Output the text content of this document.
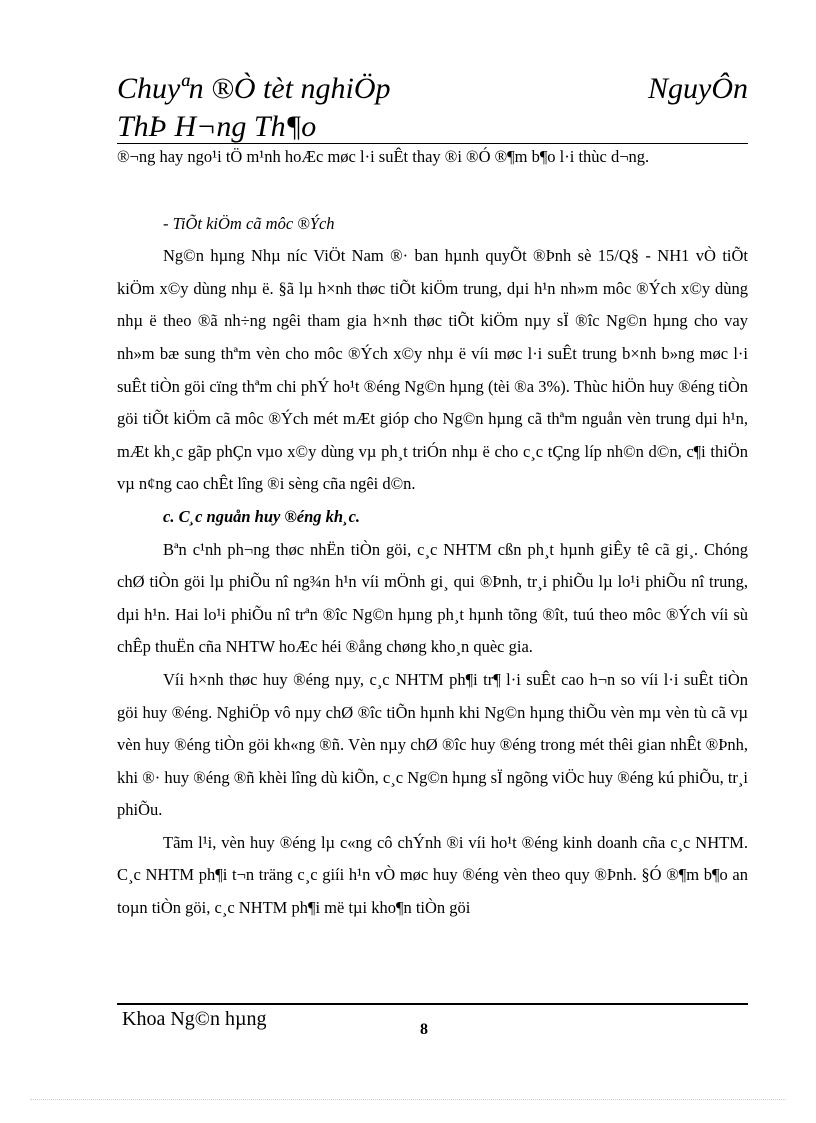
Chuyªn ®Ò tèt nghiÖp
ThÞ H¬ng Th¶o
NguyÔn

®¬ng hay ngo¹i tÖ m¹nh hoÆc møc l·i suÊt thay ®i ®Ó ®¶m b¶o l·i thùc d¬ng.

- TiÕt kiÖm cã môc ®Ých

Ng©n hµng Nhµ níc ViÖt Nam ®· ban hµnh quyÕt ®Þnh sè 15/Q§ - NH1 vÒ tiÕt kiÖm x©y dùng nhµ ë. §ã lµ h×nh thøc tiÕt kiÖm trung, dµi h¹n nh»m môc ®Ých x©y dùng nhµ ë theo ®ã nh÷ng ngêi tham gia h×nh thøc tiÕt kiÖm nµy sÏ ®îc Ng©n hµng cho vay nh»m bæ sung thªm vèn cho môc ®Ých x©y nhµ ë víi møc l·i suÊt trung b×nh b»ng møc l·i suÊt tiÒn göi cïng thªm chi phÝ ho¹t ®éng Ng©n hµng (tèi ®a 3%). Thùc hiÖn huy ®éng tiÒn göi tiÕt kiÖm cã môc ®Ých mét mÆt gióp cho Ng©n hµng cã thªm nguån vèn trung dµi h¹n, mÆt kh¸c gãp phÇn vµo x©y dùng vµ ph¸t triÓn nhµ ë cho c¸c tÇng líp nh©n d©n, c¶i thiÖn vµ n¢ng cao chÊt lîng ®i sèng cña ngêi d©n.

c. C¸c nguån huy ®éng kh¸c.

Bªn c¹nh ph¬ng thøc nhËn tiÒn göi, c¸c NHTM cßn ph¸t hµnh giÊy tê cã gi¸. Chóng chØ tiÒn göi lµ phiÕu nî ng¾n h¹n víi mÖnh gi¸ qui ®Þnh, tr¸i phiÕu lµ lo¹i phiÕu nî trung, dµi h¹n. Hai lo¹i phiÕu nî trªn ®îc Ng©n hµng ph¸t hµnh tõng ®ît, tuú theo môc ®Ých víi sù chÊp thuËn cña NHTW hoÆc héi ®ång chøng kho¸n quèc gia.

Víi h×nh thøc huy ®éng nµy, c¸c NHTM ph¶i tr¶ l·i suÊt cao h¬n so víi l·i suÊt tiÒn göi huy ®éng. NghiÖp vô nµy chØ ®îc tiÕn hµnh khi Ng©n hµng thiÕu vèn mµ vèn tù cã vµ vèn huy ®éng tiÒn göi kh«ng ®ñ. Vèn nµy chØ ®îc huy ®éng trong mét thêi gian nhÊt ®Þnh, khi ®· huy ®éng ®ñ khèi lîng dù kiÕn, c¸c Ng©n hµng sÏ ngõng viÖc huy ®éng kú phiÕu, tr¸i phiÕu.

Tãm l¹i, vèn huy ®éng lµ c«ng cô chÝnh ®i víi ho¹t ®éng kinh doanh cña c¸c NHTM. C¸c NHTM ph¶i t¬n träng c¸c giíi h¹n vÒ møc huy ®éng vèn theo quy ®Þnh. §Ó ®¶m b¶o an toµn tiÒn göi, c¸c NHTM ph¶i më tµi kho¶n tiÒn göi

Khoa Ng©n hµng	8
